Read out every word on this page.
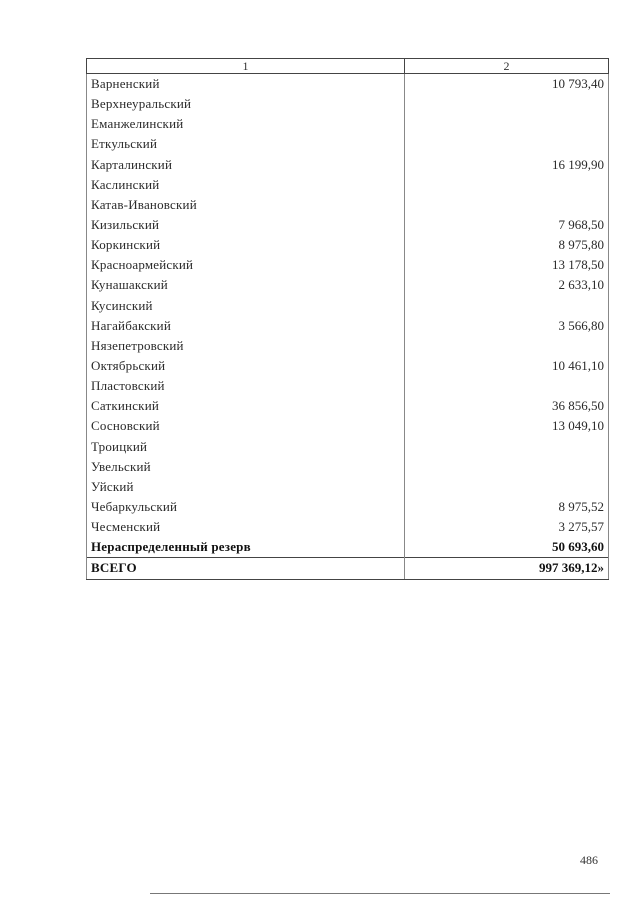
1	2
Варненский	10 793,40
Верхнеуральский	
Еманжелинский	
Еткульский	
Карталинский	16 199,90
Каслинский	
Катав-Ивановский	
Кизильский	7 968,50
Коркинский	8 975,80
Красноармейский	13 178,50
Кунашакский	2 633,10
Кусинский	
Нагайбакский	3 566,80
Нязепетровский	
Октябрьский	10 461,10
Пластовский	
Саткинский	36 856,50
Сосновский	13 049,10
Троицкий	
Увельский	
Уйский	
Чебаркульский	8 975,52
Чесменский	3 275,57
Нераспределенный резерв	50 693,60
ВСЕГО	997 369,12»
486
